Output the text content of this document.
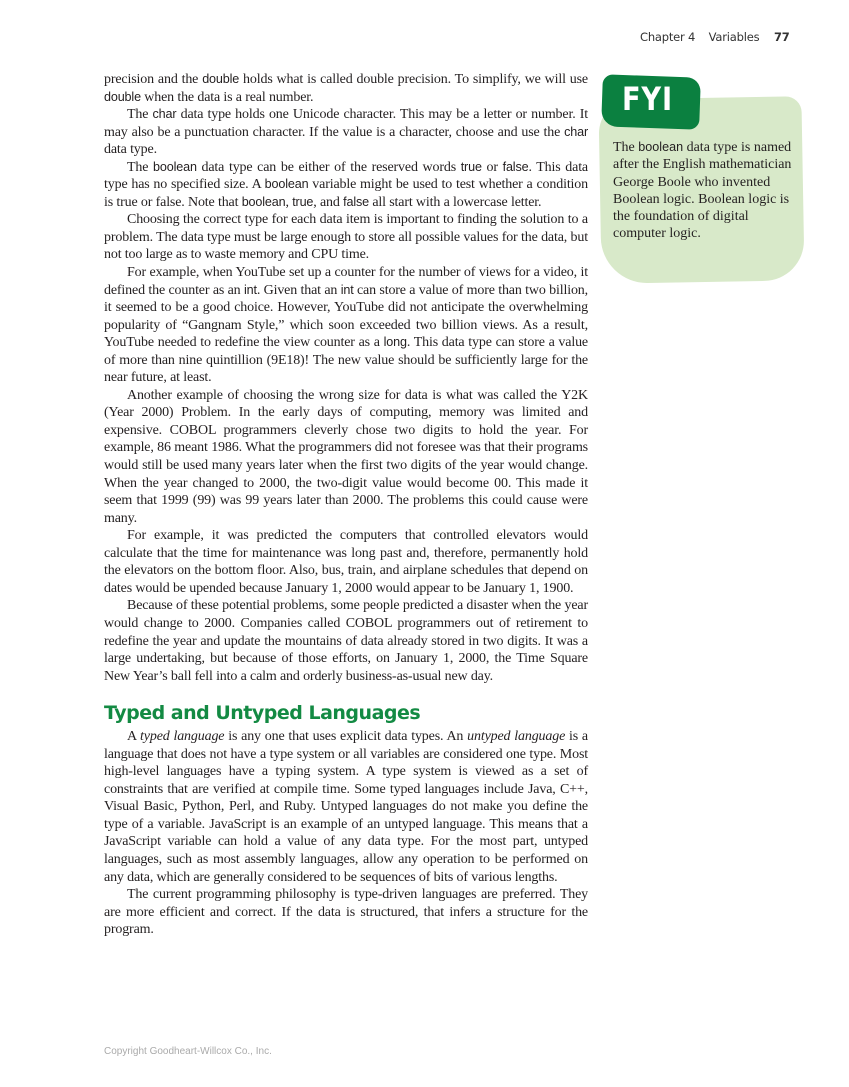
Chapter 4 Variables 77
FYI
The boolean data type is named after the English mathematician George Boole who invented Boolean logic. Boolean logic is the foundation of digital computer logic.

precision and the double holds what is called double precision. To simplify, we will use double when the data is a real number.

The char data type holds one Unicode character. This may be a letter or number. It may also be a punctuation character. If the value is a character, choose and use the char data type.

The boolean data type can be either of the reserved words true or false. This data type has no specified size. A boolean variable might be used to test whether a condition is true or false. Note that boolean, true, and false all start with a lowercase letter.

Choosing the correct type for each data item is important to finding the solution to a problem. The data type must be large enough to store all possible values for the data, but not too large as to waste memory and CPU time.

For example, when YouTube set up a counter for the number of views for a video, it defined the counter as an int. Given that an int can store a value of more than two billion, it seemed to be a good choice. However, YouTube did not anticipate the overwhelming popularity of “Gangnam Style,” which soon exceeded two billion views. As a result, YouTube needed to redefine the view counter as a long. This data type can store a value of more than nine quintillion (9E18)! The new value should be sufficiently large for the near future, at least.

Another example of choosing the wrong size for data is what was called the Y2K (Year 2000) Problem. In the early days of computing, memory was limited and expensive. COBOL programmers cleverly chose two digits to hold the year. For example, 86 meant 1986. What the programmers did not foresee was that their programs would still be used many years later when the first two digits of the year would change. When the year changed to 2000, the two-digit value would become 00. This made it seem that 1999 (99) was 99 years later than 2000. The problems this could cause were many.

For example, it was predicted the computers that controlled elevators would calculate that the time for maintenance was long past and, therefore, permanently hold the elevators on the bottom floor. Also, bus, train, and airplane schedules that depend on dates would be upended because January 1, 2000 would appear to be January 1, 1900.

Because of these potential problems, some people predicted a disaster when the year would change to 2000. Companies called COBOL programmers out of retirement to redefine the year and update the mountains of data already stored in two digits. It was a large undertaking, but because of those efforts, on January 1, 2000, the Time Square New Year’s ball fell into a calm and orderly business-as-usual new day.

Typed and Untyped Languages

A typed language is any one that uses explicit data types. An untyped language is a language that does not have a type system or all variables are considered one type. Most high-level languages have a typing system. A type system is viewed as a set of constraints that are verified at compile time. Some typed languages include Java, C++, Visual Basic, Python, Perl, and Ruby. Untyped languages do not make you define the type of a variable. JavaScript is an example of an untyped language. This means that a JavaScript variable can hold a value of any data type. For the most part, untyped languages, such as most assembly languages, allow any operation to be performed on any data, which are generally considered to be sequences of bits of various lengths.

The current programming philosophy is type-driven languages are preferred. They are more efficient and correct. If the data is structured, that infers a structure for the program.

Copyright Goodheart-Willcox Co., Inc.
